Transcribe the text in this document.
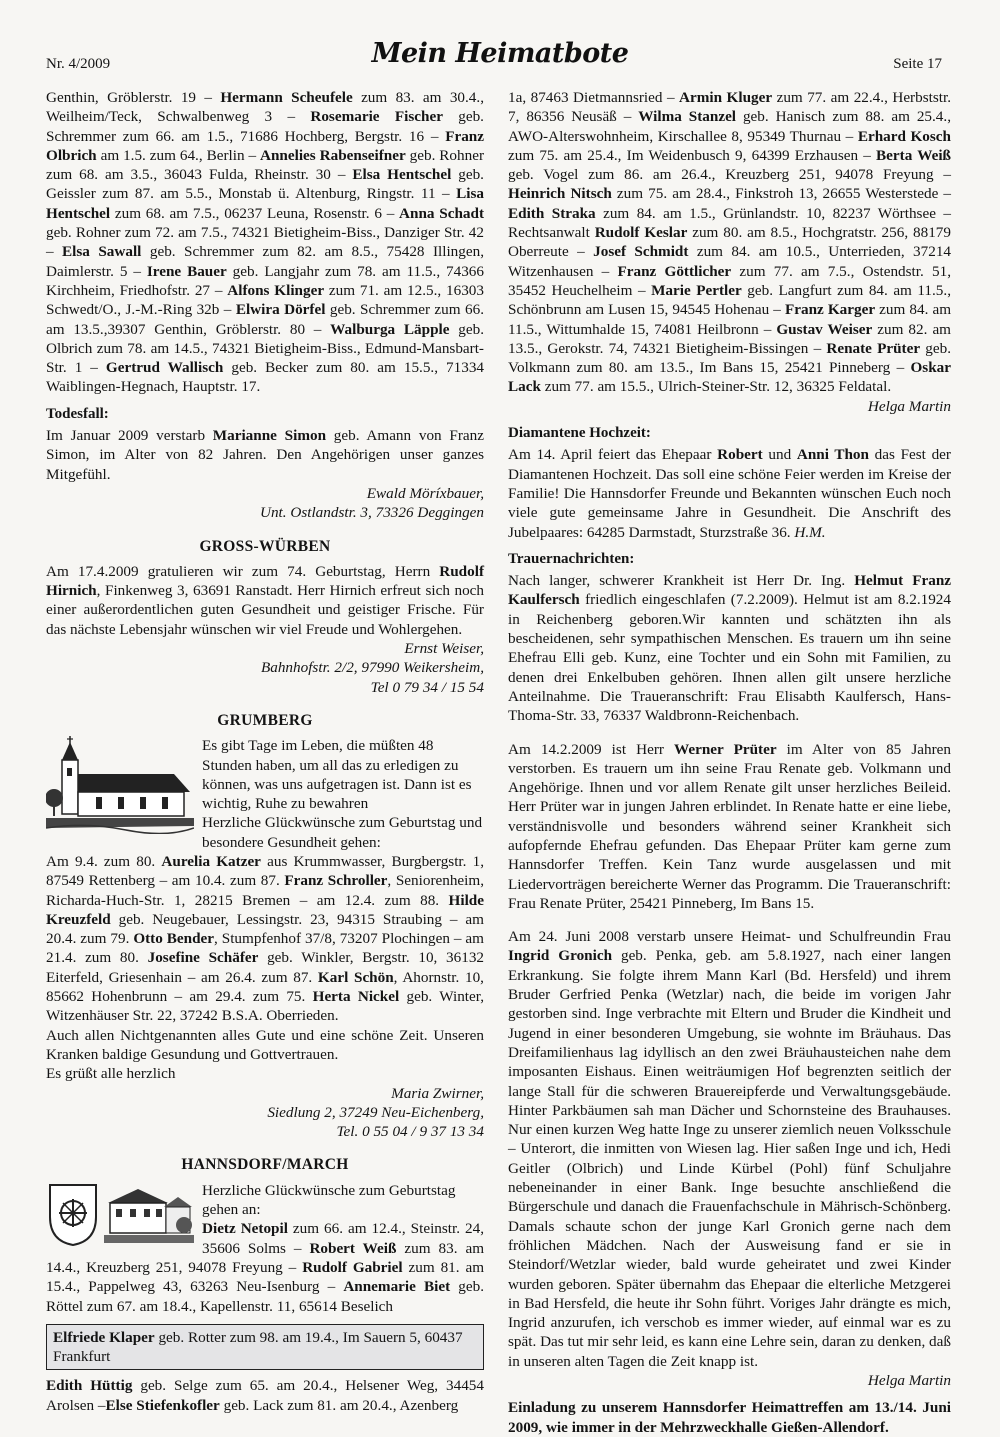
Nr. 4/2009	Mein Heimatbote	Seite 17

Genthin, Gröblerstr. 19 – Hermann Scheufele zum 83. am 30.4., Weilheim/Teck, Schwalbenweg 3 – Rosemarie Fischer geb. Schremmer zum 66. am 1.5., 71686 Hochberg, Bergstr. 16 – Franz Olbrich am 1.5. zum 64., Berlin – Annelies Rabenseifner geb. Rohner zum 68. am 3.5., 36043 Fulda, Rheinstr. 30 – Elsa Hentschel geb. Geissler zum 87. am 5.5., Monstab ü. Altenburg, Ringstr. 11 – Lisa Hentschel zum 68. am 7.5., 06237 Leuna, Rosenstr. 6 – Anna Schadt geb. Rohner zum 72. am 7.5., 74321 Bietigheim-Biss., Danziger Str. 42 – Elsa Sawall geb. Schremmer zum 82. am 8.5., 75428 Illingen, Daimlerstr. 5 – Irene Bauer geb. Langjahr zum 78. am 11.5., 74366 Kirchheim, Friedhofstr. 27 – Alfons Klinger zum 71. am 12.5., 16303 Schwedt/O., J.-M.-Ring 32b – Elwira Dörfel geb. Schremmer zum 66. am 13.5.,39307 Genthin, Gröblerstr. 80 – Walburga Läpple geb. Olbrich zum 78. am 14.5., 74321 Bietigheim-Biss., Edmund-Mansbart-Str. 1 – Gertrud Wallisch geb. Becker zum 80. am 15.5., 71334 Waiblingen-Hegnach, Hauptstr. 17.

Todesfall:

Im Januar 2009 verstarb Marianne Simon geb. Amann von Franz Simon, im Alter von 82 Jahren. Den Angehörigen unser ganzes Mitgefühl.

Ewald Möríxbauer,
Unt. Ostlandstr. 3, 73326 Deggingen
GROSS-WÜRBEN

Am 17.4.2009 gratulieren wir zum 74. Geburtstag, Herrn Rudolf Hirnich, Finkenweg 3, 63691 Ranstadt. Herr Hirnich erfreut sich noch einer außerordentlichen guten Gesundheit und geistiger Frische. Für das nächste Lebensjahr wünschen wir viel Freude und Wohlergehen.

Ernst Weiser,
Bahnhofstr. 2/2, 97990 Weikersheim,
Tel 0 79 34 / 15 54
GRUMBERG

Es gibt Tage im Leben, die müßten 48 Stunden haben, um all das zu erledigen zu können, was uns aufgetragen ist. Dann ist es wichtig, Ruhe zu bewahren

Herzliche Glückwünsche zum Geburtstag und besondere Gesundheit gehen:

Am 9.4. zum 80. Aurelia Katzer aus Krummwasser, Burgbergstr. 1, 87549 Rettenberg – am 10.4. zum 87. Franz Schroller, Seniorenheim, Richarda-Huch-Str. 1, 28215 Bremen – am 12.4. zum 88. Hilde Kreuzfeld geb. Neugebauer, Lessingstr. 23, 94315 Straubing – am 20.4. zum 79. Otto Bender, Stumpfenhof 37/8, 73207 Plochingen – am 21.4. zum 80. Josefine Schäfer geb. Winkler, Bergstr. 10, 36132 Eiterfeld, Griesenhain – am 26.4. zum 87. Karl Schön, Ahornstr. 10, 85662 Hohenbrunn – am 29.4. zum 75. Herta Nickel geb. Winter, Witzenhäuser Str. 22, 37242 B.S.A. Oberrieden.

Auch allen Nichtgenannten alles Gute und eine schöne Zeit. Unseren Kranken baldige Gesundung und Gottvertrauen.

Es grüßt alle herzlich

Maria Zwirner,
Siedlung 2, 37249 Neu-Eichenberg,
Tel. 0 55 04 / 9 37 13 34
HANNSDORF/MARCH

Herzliche Glückwünsche zum Geburtstag gehen an:

Dietz Netopil zum 66. am 12.4., Steinstr. 24, 35606 Solms – Robert Weiß zum 83. am 14.4., Kreuzberg 251, 94078 Freyung – Rudolf Gabriel zum 81. am 15.4., Pappelweg 43, 63263 Neu-Isenburg – Annemarie Biet geb. Röttel zum 67. am 18.4., Kapellenstr. 11, 65614 Beselich

Elfriede Klaper geb. Rotter zum 98. am 19.4., Im Sauern 5, 60437 Frankfurt

Edith Hüttig geb. Selge zum 65. am 20.4., Helsener Weg, 34454 Arolsen –Else Stiefenkofler geb. Lack zum 81. am 20.4., Azenberg

1a, 87463 Dietmannsried – Armin Kluger zum 77. am 22.4., Herbststr. 7, 86356 Neusäß – Wilma Stanzel geb. Hanisch zum 88. am 25.4., AWO-Alterswohnheim, Kirschallee 8, 95349 Thurnau – Erhard Kosch zum 75. am 25.4., Im Weidenbusch 9, 64399 Erzhausen – Berta Weiß geb. Vogel zum 86. am 26.4., Kreuzberg 251, 94078 Freyung – Heinrich Nitsch zum 75. am 28.4., Finkstroh 13, 26655 Westerstede – Edith Straka zum 84. am 1.5., Grünlandstr. 10, 82237 Wörthsee – Rechtsanwalt Rudolf Keslar zum 80. am 8.5., Hochgratstr. 256, 88179 Oberreute – Josef Schmidt zum 84. am 10.5., Unterrieden, 37214 Witzenhausen – Franz Göttlicher zum 77. am 7.5., Ostendstr. 51, 35452 Heuchelheim – Marie Pertler geb. Langfurt zum 84. am 11.5., Schönbrunn am Lusen 15, 94545 Hohenau – Franz Karger zum 84. am 11.5., Wittumhalde 15, 74081 Heilbronn – Gustav Weiser zum 82. am 13.5., Gerokstr. 74, 74321 Bietigheim-Bissingen – Renate Prüter geb. Volkmann zum 80. am 13.5., Im Bans 15, 25421 Pinneberg – Oskar Lack zum 77. am 15.5., Ulrich-Steiner-Str. 12, 36325 Feldatal.

Helga Martin
Diamantene Hochzeit:

Am 14. April feiert das Ehepaar Robert und Anni Thon das Fest der Diamantenen Hochzeit. Das soll eine schöne Feier werden im Kreise der Familie! Die Hannsdorfer Freunde und Bekannten wünschen Euch noch viele gute gemeinsame Jahre in Gesundheit. Die Anschrift des Jubelpaares: 64285 Darmstadt, Sturzstraße 36. H.M.

Trauernachrichten:

Nach langer, schwerer Krankheit ist Herr Dr. Ing. Helmut Franz Kaulfersch friedlich eingeschlafen (7.2.2009). Helmut ist am 8.2.1924 in Reichenberg geboren.Wir kannten und schätzten ihn als bescheidenen, sehr sympathischen Menschen. Es trauern um ihn seine Ehefrau Elli geb. Kunz, eine Tochter und ein Sohn mit Familien, zu denen drei Enkelbuben gehören. Ihnen allen gilt unsere herzliche Anteilnahme. Die Traueranschrift: Frau Elisabth Kaulfersch, Hans-Thoma-Str. 33, 76337 Waldbronn-Reichenbach.

Am 14.2.2009 ist Herr Werner Prüter im Alter von 85 Jahren verstorben. Es trauern um ihn seine Frau Renate geb. Volkmann und Angehörige. Ihnen und vor allem Renate gilt unser herzliches Beileid. Herr Prüter war in jungen Jahren erblindet. In Renate hatte er eine liebe, verständnisvolle und besonders während seiner Krankheit sich aufopfernde Ehefrau gefunden. Das Ehepaar Prüter kam gerne zum Hannsdorfer Treffen. Kein Tanz wurde ausgelassen und mit Liedervorträgen bereicherte Werner das Programm. Die Traueranschrift: Frau Renate Prüter, 25421 Pinneberg, Im Bans 15.

Am 24. Juni 2008 verstarb unsere Heimat- und Schulfreundin Frau Ingrid Gronich geb. Penka, geb. am 5.8.1927, nach einer langen Erkrankung. Sie folgte ihrem Mann Karl (Bd. Hersfeld) und ihrem Bruder Gerfried Penka (Wetzlar) nach, die beide im vorigen Jahr gestorben sind. Inge verbrachte mit Eltern und Bruder die Kindheit und Jugend in einer besonderen Umgebung, sie wohnte im Bräuhaus. Das Dreifamilienhaus lag idyllisch an den zwei Bräuhausteichen nahe dem imposanten Eishaus. Einen weiträumigen Hof begrenzten seitlich der lange Stall für die schweren Brauereipferde und Verwaltungsgebäude. Hinter Parkbäumen sah man Dächer und Schornsteine des Brauhauses. Nur einen kurzen Weg hatte Inge zu unserer ziemlich neuen Volksschule – Unterort, die inmitten von Wiesen lag. Hier saßen Inge und ich, Hedi Geitler (Olbrich) und Linde Kürbel (Pohl) fünf Schuljahre nebeneinander in einer Bank. Inge besuchte anschließend die Bürgerschule und danach die Frauenfachschule in Mährisch-Schönberg. Damals schaute schon der junge Karl Gronich gerne nach dem fröhlichen Mädchen. Nach der Ausweisung fand er sie in Steindorf/Wetzlar wieder, bald wurde geheiratet und zwei Kinder wurden geboren. Später übernahm das Ehepaar die elterliche Metzgerei in Bad Hersfeld, die heute ihr Sohn führt. Voriges Jahr drängte es mich, Ingrid anzurufen, ich verschob es immer wieder, auf einmal war es zu spät. Das tut mir sehr leid, es kann eine Lehre sein, daran zu denken, daß in unseren alten Tagen die Zeit knapp ist.

Helga Martin

Einladung zu unserem Hannsdorfer Heimattreffen am 13./14. Juni 2009, wie immer in der Mehrzweckhalle Gießen-Allendorf.
